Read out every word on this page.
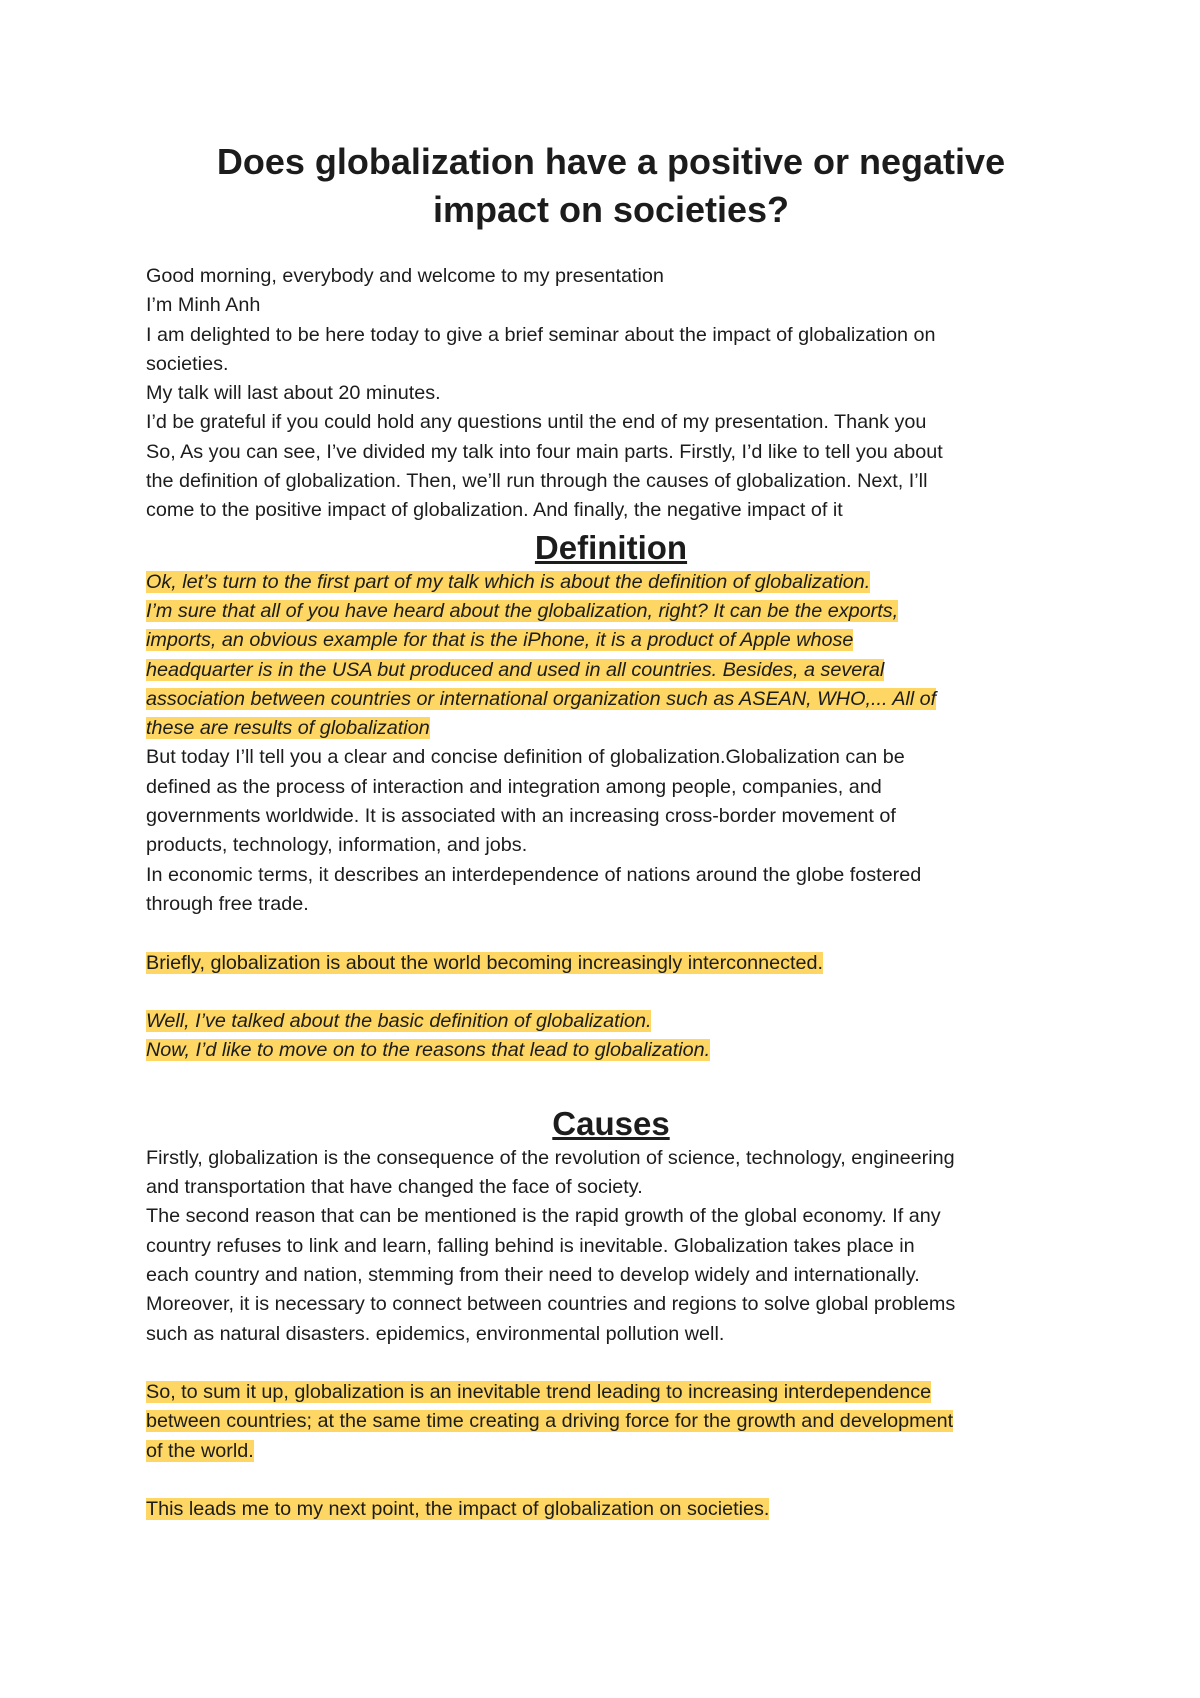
Does globalization have a positive or negative
impact on societies?
Good morning, everybody and welcome to my presentation
I’m Minh Anh
I am delighted to be here today to give a brief seminar about the impact of globalization on
societies.
My talk will last about 20 minutes.
I’d be grateful if you could hold any questions until the end of my presentation. Thank you
So, As you can see, I’ve divided my talk into four main parts. Firstly, I’d like to tell you about
the definition of globalization. Then, we’ll run through the causes of globalization. Next, I’ll
come to the positive impact of globalization. And finally, the negative impact of it
Definition
Ok, let’s turn to the first part of my talk which is about the definition of globalization.
I’m sure that all of you have heard about the globalization, right? It can be the exports,
imports, an obvious example for that is the iPhone, it is a product of Apple whose
headquarter is in the USA but produced and used in all countries. Besides, a several
association between countries or international organization such as ASEAN, WHO,... All of
these are results of globalization
But today I’ll tell you a clear and concise definition of globalization.Globalization can be
defined as the process of interaction and integration among people, companies, and
governments worldwide. It is associated with an increasing cross-border movement of
products, technology, information, and jobs.
In economic terms, it describes an interdependence of nations around the globe fostered
through free trade.
Briefly, globalization is about the world becoming increasingly interconnected.
Well, I’ve talked about the basic definition of globalization.
Now, I’d like to move on to the reasons that lead to globalization.
Causes
Firstly, globalization is the consequence of the revolution of science, technology, engineering
and transportation that have changed the face of society.
The second reason that can be mentioned is the rapid growth of the global economy. If any
country refuses to link and learn, falling behind is inevitable. Globalization takes place in
each country and nation, stemming from their need to develop widely and internationally.
Moreover, it is necessary to connect between countries and regions to solve global problems
such as natural disasters. epidemics, environmental pollution well.
So, to sum it up, globalization is an inevitable trend leading to increasing interdependence
between countries; at the same time creating a driving force for the growth and development
of the world.
This leads me to my next point, the impact of globalization on societies.
